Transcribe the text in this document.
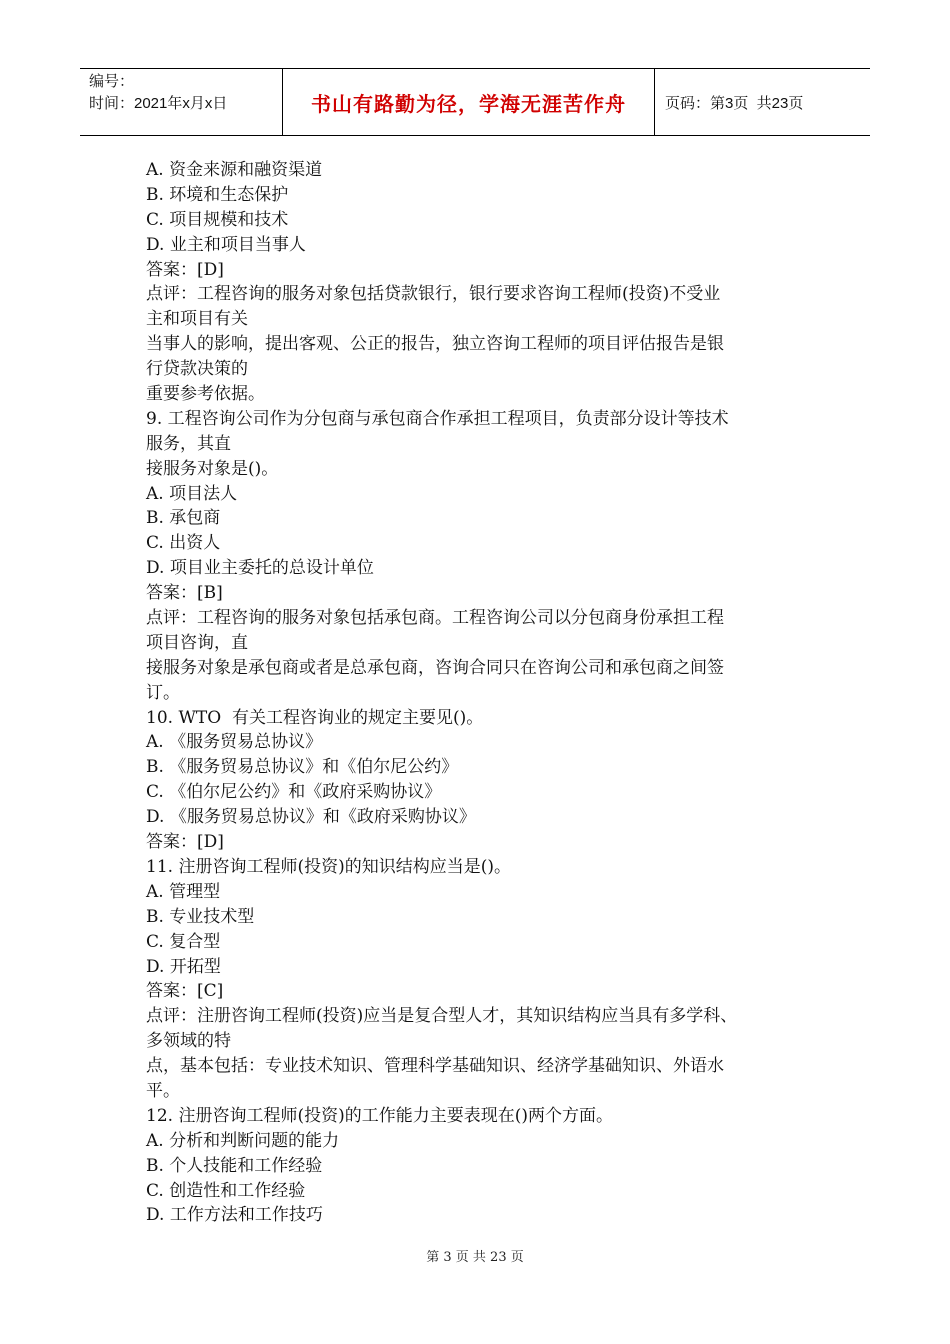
编号：
时间：2021年x月x日	书山有路勤为径，学海无涯苦作舟	页码：第3页  共23页
A. 资金来源和融资渠道
B. 环境和生态保护
C. 项目规模和技术
D. 业主和项目当事人
答案：[D]
点评：工程咨询的服务对象包括贷款银行，银行要求咨询工程师(投资)不受业
主和项目有关
当事人的影响，提出客观、公正的报告，独立咨询工程师的项目评估报告是银
行贷款决策的
重要参考依据。
9. 工程咨询公司作为分包商与承包商合作承担工程项目，负责部分设计等技术
服务，其直
接服务对象是()。
A. 项目法人
B. 承包商
C. 出资人
D. 项目业主委托的总设计单位
答案：[B]
点评：工程咨询的服务对象包括承包商。工程咨询公司以分包商身份承担工程
项目咨询，直
接服务对象是承包商或者是总承包商，咨询合同只在咨询公司和承包商之间签
订。
10. WTO  有关工程咨询业的规定主要见()。
A. 《服务贸易总协议》
B. 《服务贸易总协议》和《伯尔尼公约》
C. 《伯尔尼公约》和《政府采购协议》
D. 《服务贸易总协议》和《政府采购协议》
答案：[D]
11. 注册咨询工程师(投资)的知识结构应当是()。
A. 管理型
B. 专业技术型
C. 复合型
D. 开拓型
答案：[C]
点评：注册咨询工程师(投资)应当是复合型人才，其知识结构应当具有多学科、
多领域的特
点，基本包括：专业技术知识、管理科学基础知识、经济学基础知识、外语水
平。
12. 注册咨询工程师(投资)的工作能力主要表现在()两个方面。
A. 分析和判断问题的能力
B. 个人技能和工作经验
C. 创造性和工作经验
D. 工作方法和工作技巧
第 3 页 共 23 页
